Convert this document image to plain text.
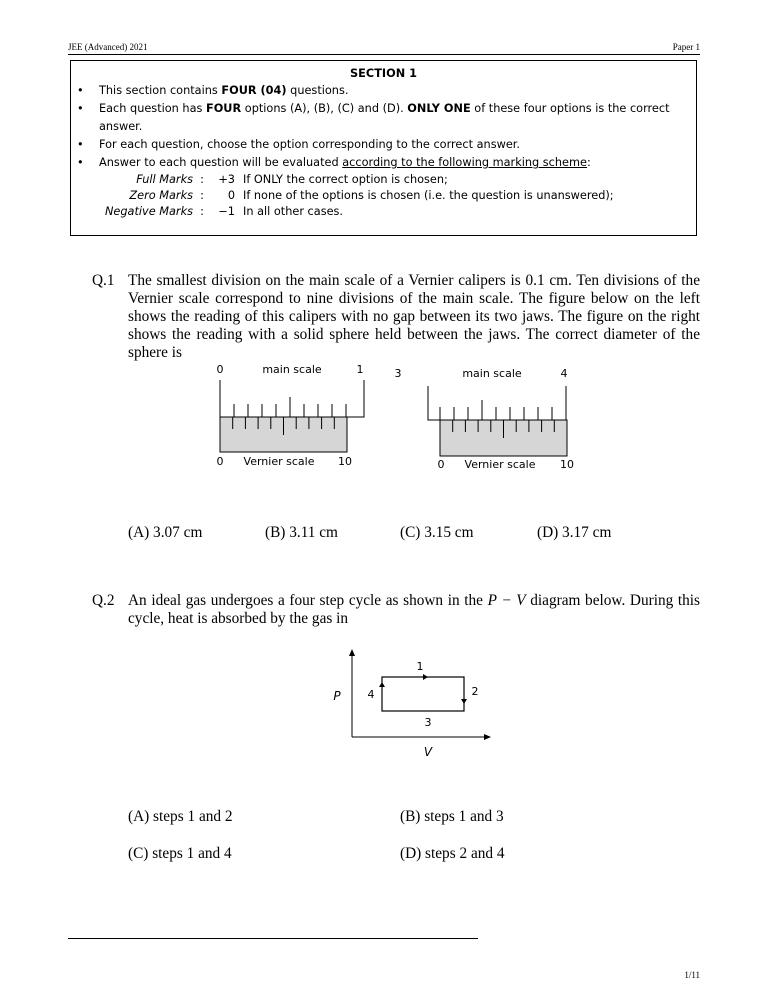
JEE (Advanced) 2021	Paper 1
SECTION 1
• This section contains FOUR (04) questions.
• Each question has FOUR options (A), (B), (C) and (D). ONLY ONE of these four options is the correct answer.
• For each question, choose the option corresponding to the correct answer.
• Answer to each question will be evaluated according to the following marking scheme:
Full Marks :	+3 If ONLY the correct option is chosen;
Zero Marks :	0 If none of the options is chosen (i.e. the question is unanswered);
Negative Marks :	−1 In all other cases.
Q.1 The smallest division on the main scale of a Vernier calipers is 0.1 cm. Ten divisions of the Vernier scale correspond to nine divisions of the main scale. The figure below on the left shows the reading of this calipers with no gap between its two jaws. The figure on the right shows the reading with a solid sphere held between the jaws. The correct diameter of the sphere is
0	main scale	1
0 Vernier scale 10
3	main scale	4
0 Vernier scale 10
(A) 3.07 cm	(B) 3.11 cm	(C) 3.15 cm	(D) 3.17 cm
Q.2 An ideal gas undergoes a four step cycle as shown in the P − V diagram below. During this cycle, heat is absorbed by the gas in
1
2
3
4
P
V
(A) steps 1 and 2	(B) steps 1 and 3
(C) steps 1 and 4	(D) steps 2 and 4
1/11
